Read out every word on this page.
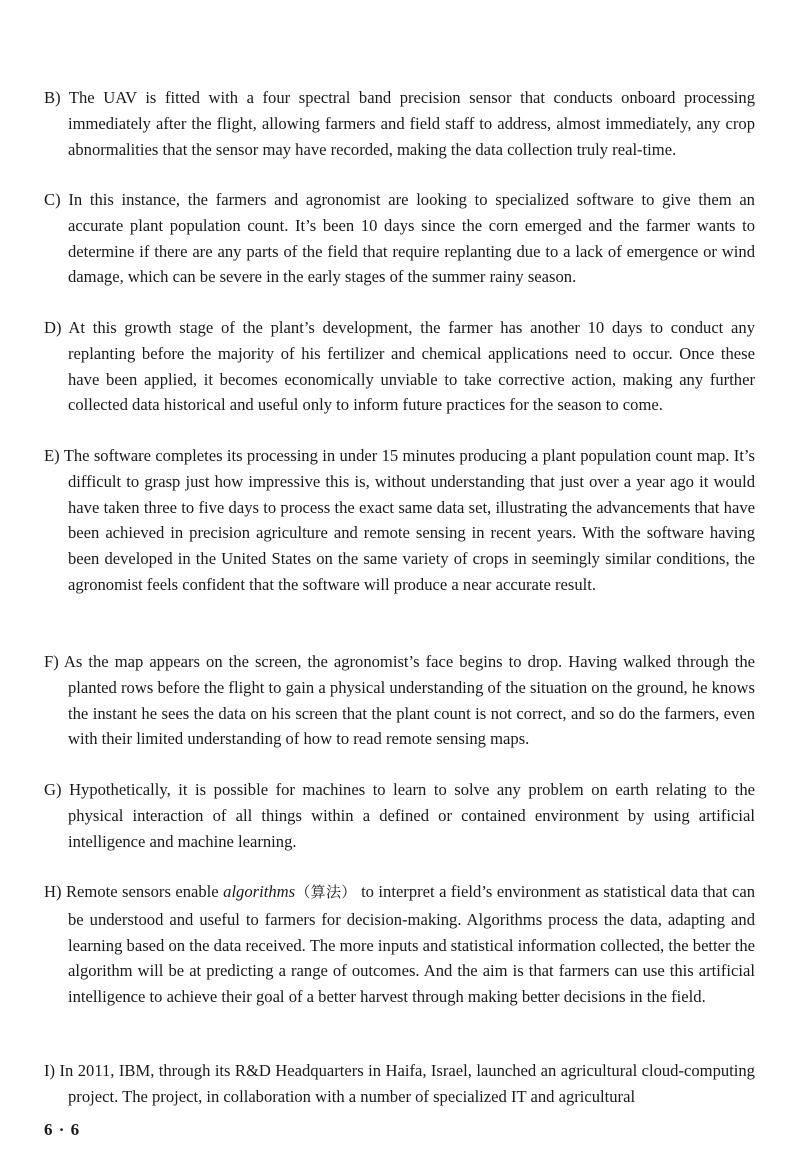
B) The UAV is fitted with a four spectral band precision sensor that conducts onboard processing immediately after the flight, allowing farmers and field staff to address, almost immediately, any crop abnormalities that the sensor may have recorded, making the data collection truly real-time.

C) In this instance, the farmers and agronomist are looking to specialized software to give them an accurate plant population count. It’s been 10 days since the corn emerged and the farmer wants to determine if there are any parts of the field that require replanting due to a lack of emergence or wind damage, which can be severe in the early stages of the summer rainy season.

D) At this growth stage of the plant’s development, the farmer has another 10 days to conduct any replanting before the majority of his fertilizer and chemical applications need to occur. Once these have been applied, it becomes economically unviable to take corrective action, making any further collected data historical and useful only to inform future practices for the season to come.

E) The software completes its processing in under 15 minutes producing a plant population count map. It’s difficult to grasp just how impressive this is, without understanding that just over a year ago it would have taken three to five days to process the exact same data set, illustrating the advancements that have been achieved in precision agriculture and remote sensing in recent years. With the software having been developed in the United States on the same variety of crops in seemingly similar conditions, the agronomist feels confident that the software will produce a near accurate result.

F) As the map appears on the screen, the agronomist’s face begins to drop. Having walked through the planted rows before the flight to gain a physical understanding of the situation on the ground, he knows the instant he sees the data on his screen that the plant count is not correct, and so do the farmers, even with their limited understanding of how to read remote sensing maps.

G) Hypothetically, it is possible for machines to learn to solve any problem on earth relating to the physical interaction of all things within a defined or contained environment by using artificial intelligence and machine learning.

H) Remote sensors enable algorithms（算法） to interpret a field’s environment as statistical data that can be understood and useful to farmers for decision-making. Algorithms process the data, adapting and learning based on the data received. The more inputs and statistical information collected, the better the algorithm will be at predicting a range of outcomes. And the aim is that farmers can use this artificial intelligence to achieve their goal of a better harvest through making better decisions in the field.

I) In 2011, IBM, through its R&D Headquarters in Haifa, Israel, launched an agricultural cloud-computing project. The project, in collaboration with a number of specialized IT and agricultural

6 · 6
